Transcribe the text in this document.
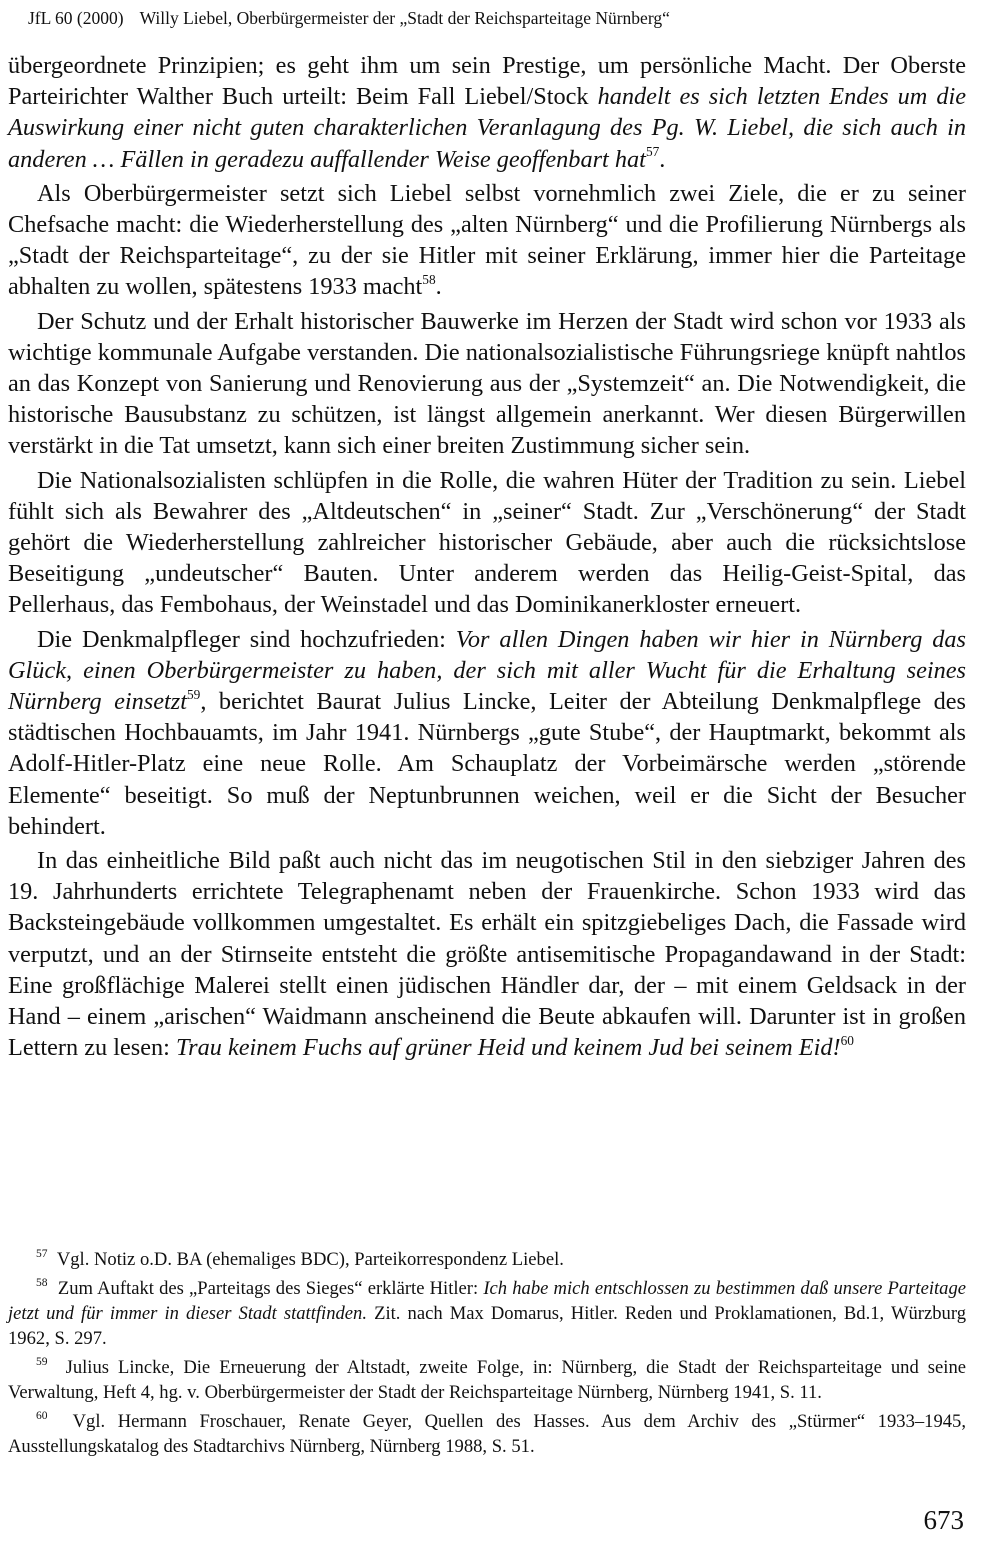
JfL 60 (2000) Willy Liebel, Oberbürgermeister der „Stadt der Reichsparteitage Nürnberg“

übergeordnete Prinzipien; es geht ihm um sein Prestige, um persönliche Macht. Der Oberste Parteirichter Walther Buch urteilt: Beim Fall Liebel/Stock handelt es sich letzten Endes um die Auswirkung einer nicht guten charakterlichen Veranlagung des Pg. W. Liebel, die sich auch in anderen … Fällen in geradezu auffallender Weise geoffenbart hat$^{57}$.

Als Oberbürgermeister setzt sich Liebel selbst vornehmlich zwei Ziele, die er zu seiner Chefsache macht: die Wiederherstellung des „alten Nürnberg“ und die Profilierung Nürnbergs als „Stadt der Reichsparteitage“, zu der sie Hitler mit seiner Erklärung, immer hier die Parteitage abhalten zu wollen, spätestens 1933 macht$^{58}$.

Der Schutz und der Erhalt historischer Bauwerke im Herzen der Stadt wird schon vor 1933 als wichtige kommunale Aufgabe verstanden. Die nationalsozialistische Führungsriege knüpft nahtlos an das Konzept von Sanierung und Renovierung aus der „Systemzeit“ an. Die Notwendigkeit, die historische Bausubstanz zu schützen, ist längst allgemein anerkannt. Wer diesen Bürgerwillen verstärkt in die Tat umsetzt, kann sich einer breiten Zustimmung sicher sein.

Die Nationalsozialisten schlüpfen in die Rolle, die wahren Hüter der Tradition zu sein. Liebel fühlt sich als Bewahrer des „Altdeutschen“ in „seiner“ Stadt. Zur „Verschönerung“ der Stadt gehört die Wiederherstellung zahlreicher historischer Gebäude, aber auch die rücksichtslose Beseitigung „undeutscher“ Bauten. Unter anderem werden das Heilig-Geist-Spital, das Pellerhaus, das Fembohaus, der Weinstadel und das Dominikanerkloster erneuert.

Die Denkmalpfleger sind hochzufrieden: Vor allen Dingen haben wir hier in Nürnberg das Glück, einen Oberbürgermeister zu haben, der sich mit aller Wucht für die Erhaltung seines Nürnberg einsetzt$^{59}$, berichtet Baurat Julius Lincke, Leiter der Abteilung Denkmalpflege des städtischen Hochbauamts, im Jahr 1941. Nürnbergs „gute Stube“, der Hauptmarkt, bekommt als Adolf-Hitler-Platz eine neue Rolle. Am Schauplatz der Vorbeimärsche werden „störende Elemente“ beseitigt. So muß der Neptunbrunnen weichen, weil er die Sicht der Besucher behindert.

In das einheitliche Bild paßt auch nicht das im neugotischen Stil in den siebziger Jahren des 19. Jahrhunderts errichtete Telegraphenamt neben der Frauenkirche. Schon 1933 wird das Backsteingebäude vollkommen umgestaltet. Es erhält ein spitzgiebeliges Dach, die Fassade wird verputzt, und an der Stirnseite entsteht die größte antisemitische Propagandawand in der Stadt: Eine großflächige Malerei stellt einen jüdischen Händler dar, der – mit einem Geldsack in der Hand – einem „arischen“ Waidmann anscheinend die Beute abkaufen will. Darunter ist in großen Lettern zu lesen: Trau keinem Fuchs auf grüner Heid und keinem Jud bei seinem Eid!$^{60}$

$^{57}$ Vgl. Notiz o.D. BA (ehemaliges BDC), Parteikorrespondenz Liebel.

$^{58}$ Zum Auftakt des „Parteitags des Sieges“ erklärte Hitler: Ich habe mich entschlossen zu bestimmen daß unsere Parteitage jetzt und für immer in dieser Stadt stattfinden. Zit. nach Max Domarus, Hitler. Reden und Proklamationen, Bd.1, Würzburg 1962, S. 297.

$^{59}$ Julius Lincke, Die Erneuerung der Altstadt, zweite Folge, in: Nürnberg, die Stadt der Reichsparteitage und seine Verwaltung, Heft 4, hg. v. Oberbürgermeister der Stadt der Reichsparteitage Nürnberg, Nürnberg 1941, S. 11.

$^{60}$ Vgl. Hermann Froschauer, Renate Geyer, Quellen des Hasses. Aus dem Archiv des „Stürmer“ 1933–1945, Ausstellungskatalog des Stadtarchivs Nürnberg, Nürnberg 1988, S. 51.

673
